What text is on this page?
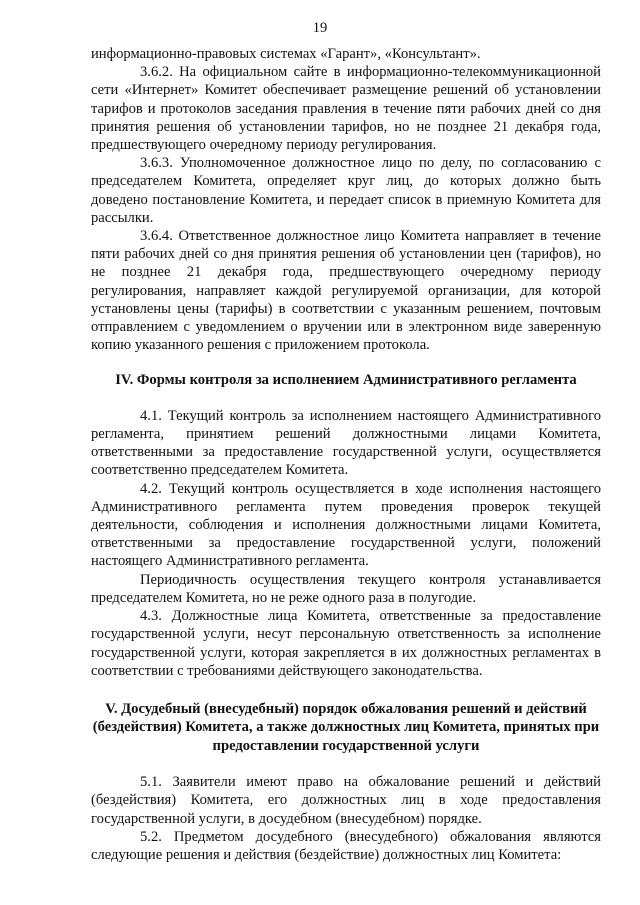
19

информационно-правовых системах «Гарант», «Консультант».

3.6.2. На официальном сайте в информационно-телекоммуникационной сети «Интернет» Комитет обеспечивает размещение решений об установлении тарифов и протоколов заседания правления в течение пяти рабочих дней со дня принятия решения об установлении тарифов, но не позднее 21 декабря года, предшествующего очередному периоду регулирования.

3.6.3. Уполномоченное должностное лицо по делу, по согласованию с председателем Комитета, определяет круг лиц, до которых должно быть доведено постановление Комитета, и передает список в приемную Комитета для рассылки.

3.6.4. Ответственное должностное лицо Комитета направляет в течение пяти рабочих дней со дня принятия решения об установлении цен (тарифов), но не позднее 21 декабря года, предшествующего очередному периоду регулирования, направляет каждой регулируемой организации, для которой установлены цены (тарифы) в соответствии с указанным решением, почтовым отправлением с уведомлением о вручении или в электронном виде заверенную копию указанного решения с приложением протокола.

IV. Формы контроля за исполнением Административного регламента

4.1. Текущий контроль за исполнением настоящего Административного регламента, принятием решений должностными лицами Комитета, ответственными за предоставление государственной услуги, осуществляется соответственно председателем Комитета.

4.2. Текущий контроль осуществляется в ходе исполнения настоящего Административного регламента путем проведения проверок текущей деятельности, соблюдения и исполнения должностными лицами Комитета, ответственными за предоставление государственной услуги, положений настоящего Административного регламента.

Периодичность осуществления текущего контроля устанавливается председателем Комитета, но не реже одного раза в полугодие.

4.3. Должностные лица Комитета, ответственные за предоставление государственной услуги, несут персональную ответственность за исполнение государственной услуги, которая закрепляется в их должностных регламентах в соответствии с требованиями действующего законодательства.

V. Досудебный (внесудебный) порядок обжалования решений и действий (бездействия) Комитета, а также должностных лиц Комитета, принятых при предоставлении государственной услуги

5.1. Заявители имеют право на обжалование решений и действий (бездействия) Комитета, его должностных лиц в ходе предоставления государственной услуги, в досудебном (внесудебном) порядке.

5.2. Предметом досудебного (внесудебного) обжалования являются следующие решения и действия (бездействие) должностных лиц Комитета:
